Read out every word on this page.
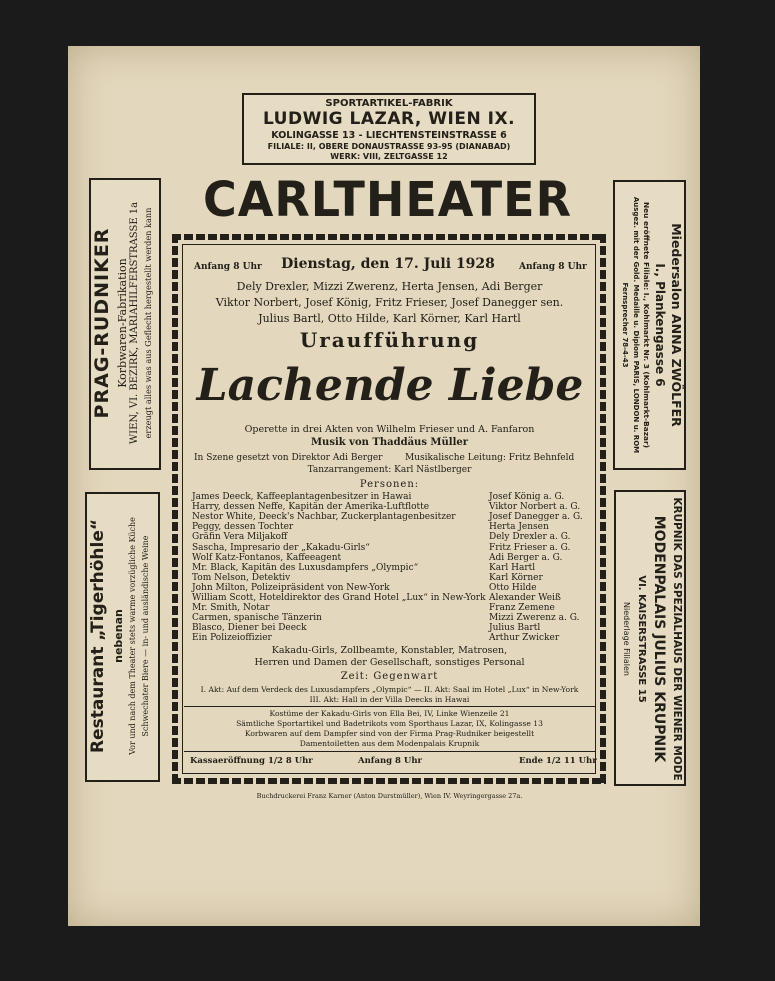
SPORTARTIKEL-FABRIK
LUDWIG LAZAR, WIEN IX.
KOLINGASSE 13 - LIECHTENSTEINSTRASSE 6
FILIALE: II, OBERE DONAUSTRASSE 93-95 (DIANABAD)
WERK: VIII, ZELTGASSE 12
CARLTHEATER
PRAG-RUDNIKER Korbwaren-Fabrikation WIEN, VI. BEZIRK, MARIAHILFERSTRASSE 1a erzeugt alles was aus Geflecht hergestellt werden kann
Restaurant „Tigerhöhle“ nebenan Vor und nach dem Theater stets warme vorzügliche Küche Schwechater Biere — in- und ausländische Weine
Miedersalon ANNA ZWÖLFER
I., Plankengasse 6
Neu eröffnete Filiale: I., Kohlmarkt Nr. 3 (Kohlmarkt-Bazar)
Ausgez. mit der Gold. Medaille u. Diplom PARIS, LONDON u. ROM
Fernsprecher 78-4-43
KRUPNIK DAS SPEZIALHAUS DER WIENER MODE
MODENPALAIS JULIUS KRUPNIK
VI. KAISERSTRASSE 15
Niederlage Filialen
Anfang 8 Uhr	Dienstag, den 17. Juli 1928	Anfang 8 Uhr
Dely Drexler, Mizzi Zwerenz, Herta Jensen, Adi Berger
Viktor Norbert, Josef König, Fritz Frieser, Josef Danegger sen.
Julius Bartl, Otto Hilde, Karl Körner, Karl Hartl
Uraufführung
Lachende Liebe
Operette in drei Akten von Wilhelm Frieser und A. Fanfaron
Musik von Thaddäus Müller
In Szene gesetzt von Direktor Adi Berger	Musikalische Leitung: Fritz Behnfeld
Tanzarrangement: Karl Nästlberger
Personen:
James Deeck, Kaffeeplantagenbesitzer in Hawai	Josef König a. G.
Harry, dessen Neffe, Kapitän der Amerika-Luftflotte	Viktor Norbert a. G.
Nestor White, Deeck's Nachbar, Zuckerplantagenbesitzer	Josef Danegger a. G.
Peggy, dessen Tochter	Herta Jensen
Gräfin Vera Miljakoff	Dely Drexler a. G.
Sascha, Impresario der „Kakadu-Girls“	Fritz Frieser a. G.
Wolf Katz-Fontanos, Kaffeeagent	Adi Berger a. G.
Mr. Black, Kapitän des Luxusdampfers „Olympic“	Karl Hartl
Tom Nelson, Detektiv	Karl Körner
John Milton, Polizeipräsident von New-York	Otto Hilde
William Scott, Hoteldirektor des Grand Hotel „Lux“ in New-York Alexander Weiß
Mr. Smith, Notar	Franz Zemene
Carmen, spanische Tänzerin	Mizzi Zwerenz a. G.
Blasco, Diener bei Deeck	Julius Bartl
Ein Polizeioffizier	Arthur Zwicker
Kakadu-Girls, Zollbeamte, Konstabler, Matrosen,
Herren und Damen der Gesellschaft, sonstiges Personal
Zeit: Gegenwart
I. Akt: Auf dem Verdeck des Luxusdampfers „Olympic“ — II. Akt: Saal im Hotel „Lux“ in New-York
III. Akt: Hall in der Villa Deecks in Hawai
Kostüme der Kakadu-Girls von Ella Bei, IV, Linke Wienzeile 21
Sämtliche Sportartikel und Badetrikots vom Sporthaus Lazar, IX, Kolingasse 13
Korbwaren auf dem Dampfer sind von der Firma Prag-Rudniker beigestellt
Damentoiletten aus dem Modenpalais Krupnik
Kassaeröffnung 1/2 8 Uhr	Anfang 8 Uhr	Ende 1/2 11 Uhr
Buchdruckerei Franz Karner (Anton Durstmüller), Wien IV. Weyringergasse 27a.
